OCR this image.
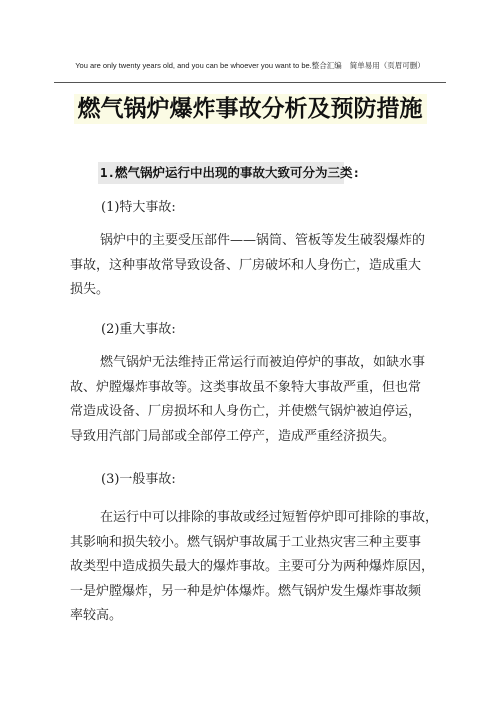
You are only twenty years old, and you can be whoever you want to be.整合汇编 简单易用（页眉可删）
燃气锅炉爆炸事故分析及预防措施
1.燃气锅炉运行中出现的事故大致可分为三类:
(1)特大事故:
锅炉中的主要受压部件——锅筒、管板等发生破裂爆炸的
事故，这种事故常导致设备、厂房破坏和人身伤亡，造成重大
损失。
(2)重大事故:
燃气锅炉无法维持正常运行而被迫停炉的事故，如缺水事
故、炉膛爆炸事故等。这类事故虽不象特大事故严重，但也常
常造成设备、厂房损坏和人身伤亡，并使燃气锅炉被迫停运，
导致用汽部门局部或全部停工停产，造成严重经济损失。
(3)一般事故:
在运行中可以排除的事故或经过短暂停炉即可排除的事故，
其影响和损失较小。燃气锅炉事故属于工业热灾害三种主要事
故类型中造成损失最大的爆炸事故。主要可分为两种爆炸原因，
一是炉膛爆炸，另一种是炉体爆炸。燃气锅炉发生爆炸事故频
率较高。
